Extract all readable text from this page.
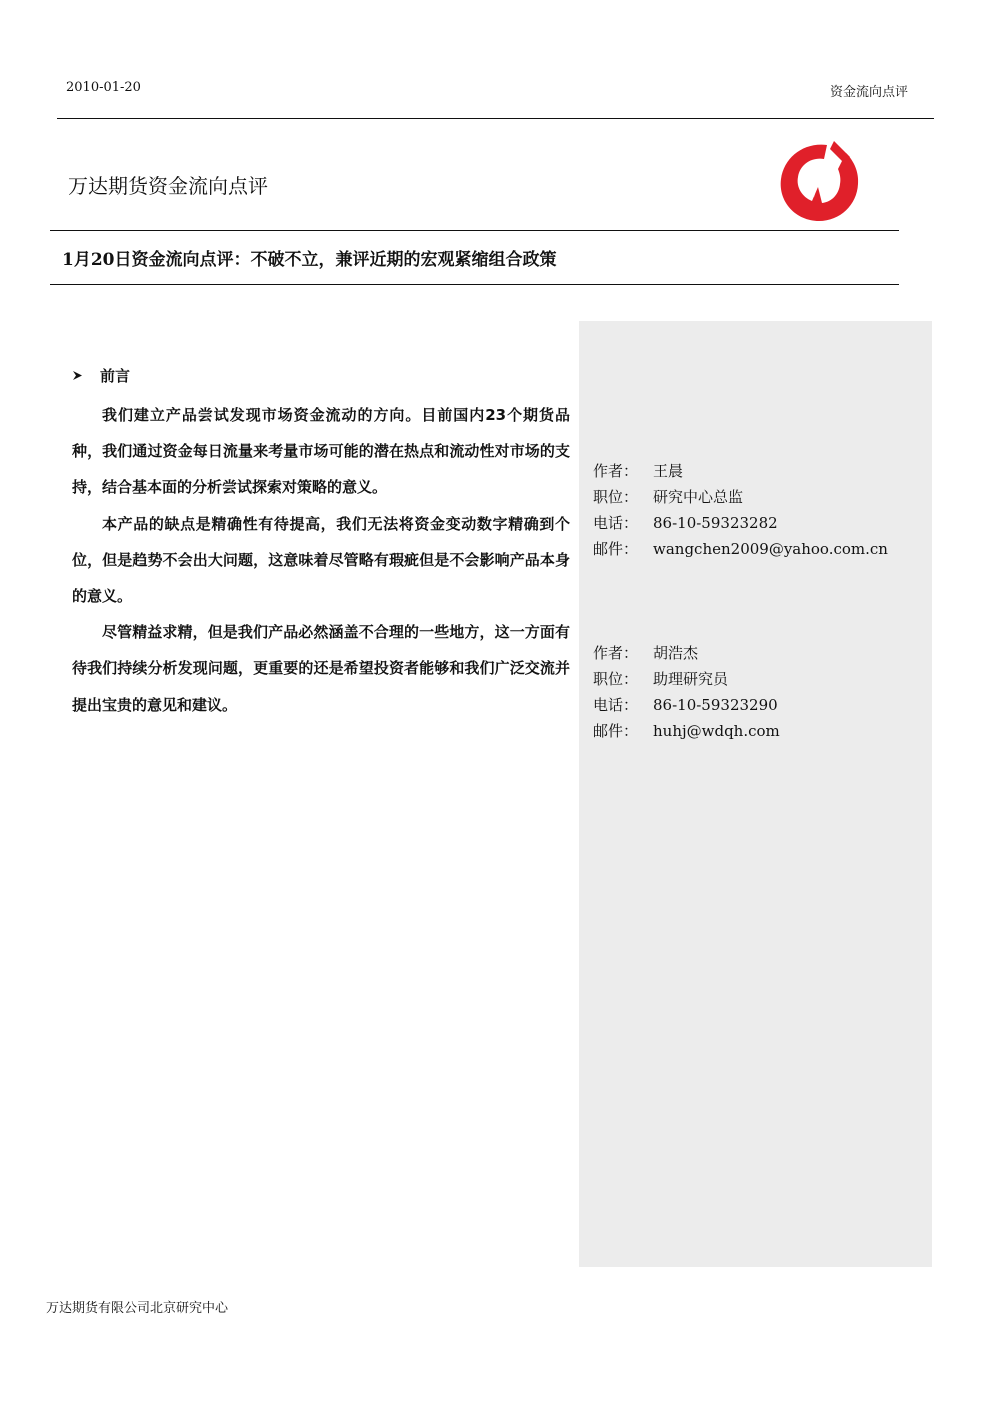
2010-01-20	资金流向点评
万达期货资金流向点评
1月20日资金流向点评：不破不立，兼评近期的宏观紧缩组合政策
前言

我们建立产品尝试发现市场资金流动的方向。目前国内23个期货品种，我们通过资金每日流量来考量市场可能的潜在热点和流动性对市场的支持，结合基本面的分析尝试探索对策略的意义。

本产品的缺点是精确性有待提高，我们无法将资金变动数字精确到个位，但是趋势不会出大问题，这意味着尽管略有瑕疵但是不会影响产品本身的意义。

尽管精益求精，但是我们产品必然涵盖不合理的一些地方，这一方面有待我们持续分析发现问题，更重要的还是希望投资者能够和我们广泛交流并提出宝贵的意见和建议。

作者： 王晨
职位： 研究中心总监
电话： 86-10-59323282
邮件： wangchen2009@yahoo.com.cn
作者： 胡浩杰
职位： 助理研究员
电话： 86-10-59323290
邮件： huhj@wdqh.com
万达期货有限公司北京研究中心
